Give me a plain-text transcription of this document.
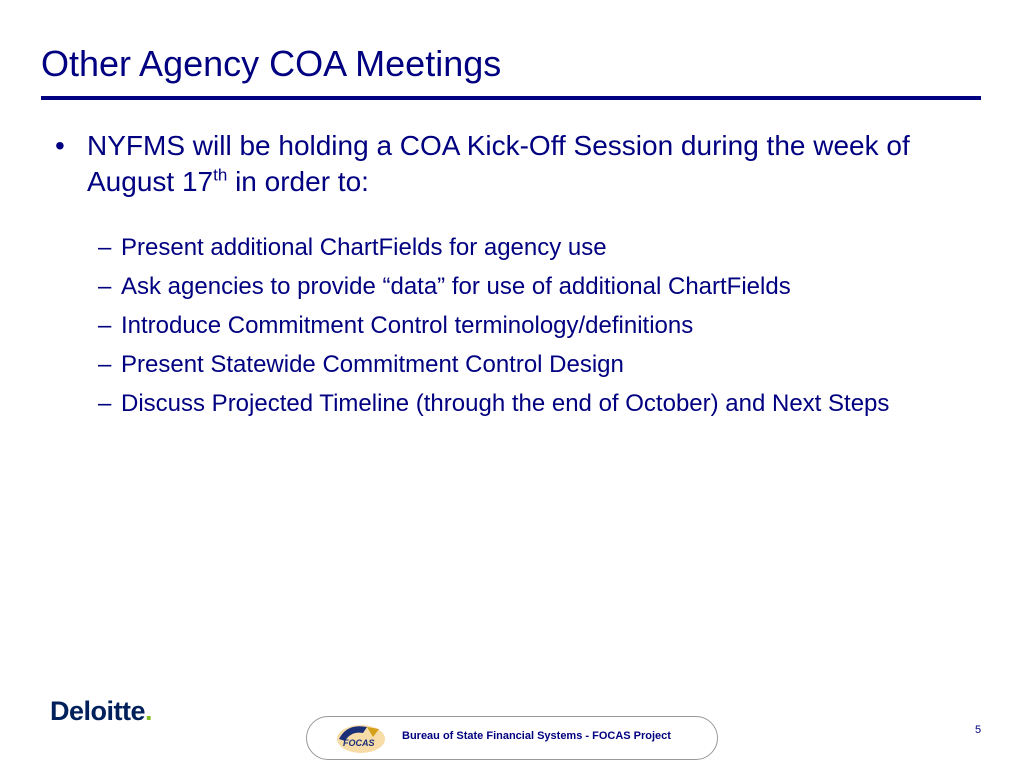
Other Agency COA Meetings
• NYFMS will be holding a COA Kick-Off Session during the week of August 17th in order to:
– Present additional ChartFields for agency use
– Ask agencies to provide “data” for use of additional ChartFields
– Introduce Commitment Control terminology/definitions
– Present Statewide Commitment Control Design
– Discuss Projected Timeline (through the end of October) and Next Steps
Deloitte.
FOCAS
Bureau of State Financial Systems - FOCAS Project	5
